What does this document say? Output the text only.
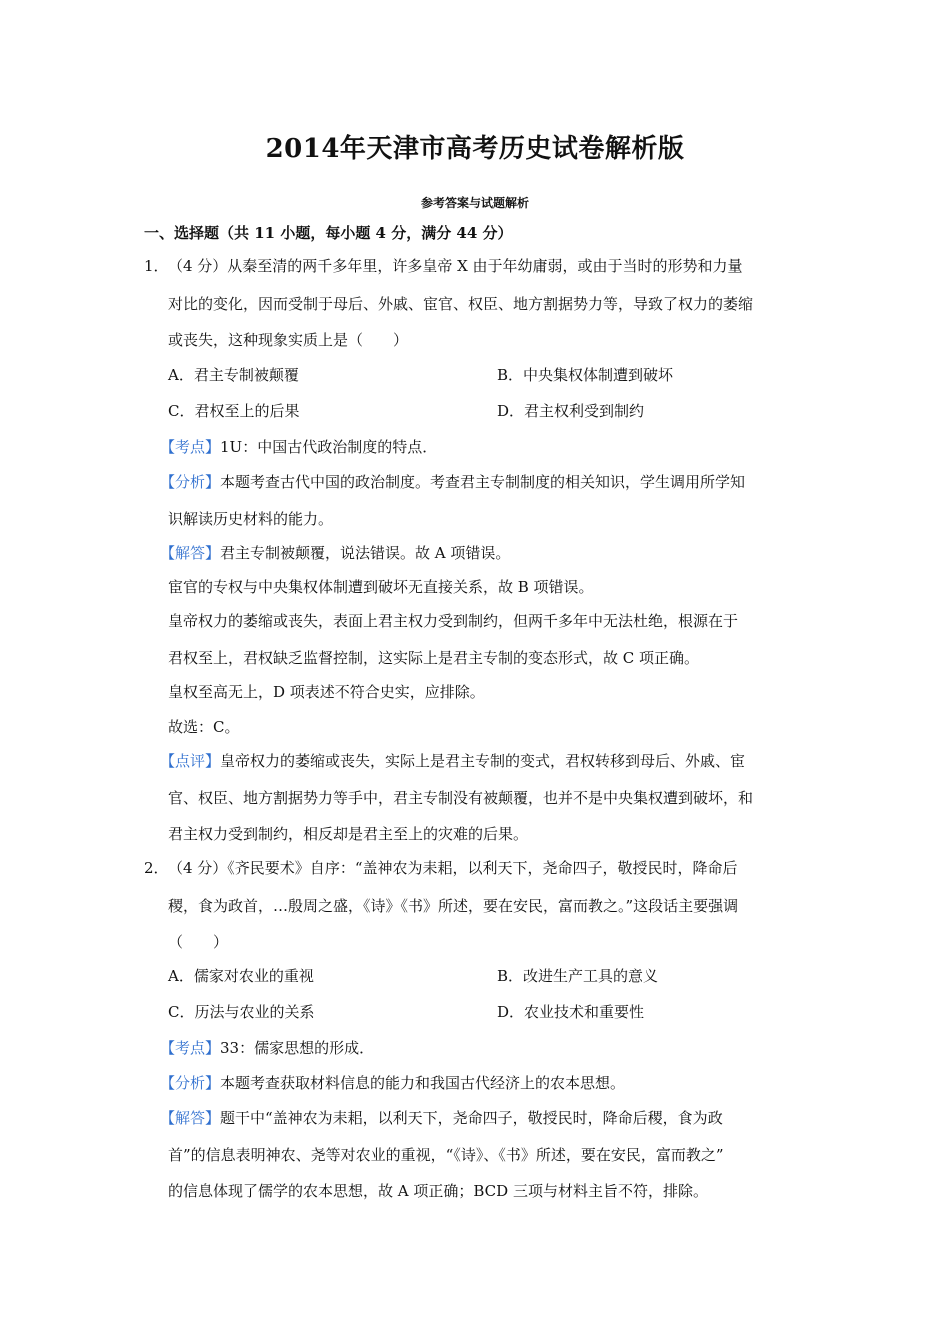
2014年天津市高考历史试卷解析版
参考答案与试题解析
一、选择题（共 11 小题，每小题 4 分，满分 44 分）
1． （4 分）从秦至清的两千多年里，许多皇帝 X 由于年幼庸弱，或由于当时的形势和力量
对比的变化，因而受制于母后、外戚、宦官、权臣、地方割据势力等，导致了权力的萎缩
或丧失，这种现象实质上是（　　）
A．君主专制被颠覆	B．中央集权体制遭到破坏
C．君权至上的后果	D．君主权利受到制约
【考点】1U：中国古代政治制度的特点．
【分析】本题考查古代中国的政治制度。考查君主专制制度的相关知识，学生调用所学知
识解读历史材料的能力。
【解答】君主专制被颠覆，说法错误。故 A 项错误。
宦官的专权与中央集权体制遭到破坏无直接关系，故 B 项错误。
皇帝权力的萎缩或丧失，表面上君主权力受到制约，但两千多年中无法杜绝，根源在于
君权至上，君权缺乏监督控制，这实际上是君主专制的变态形式，故 C 项正确。
皇权至高无上，D 项表述不符合史实，应排除。
故选：C。
【点评】皇帝权力的萎缩或丧失，实际上是君主专制的变式，君权转移到母后、外戚、宦
官、权臣、地方割据势力等手中，君主专制没有被颠覆，也并不是中央集权遭到破坏，和
君主权力受到制约，相反却是君主至上的灾难的后果。
2． （4 分）《齐民要术》自序：“盖神农为耒耜，以利天下，尧命四子，敬授民时，降命后
稷，食为政首，…殷周之盛，《诗》《书》所述，要在安民，富而教之。”这段话主要强调
（　　）
A．儒家对农业的重视	B．改进生产工具的意义
C．历法与农业的关系	D．农业技术和重要性
【考点】33：儒家思想的形成．
【分析】本题考查获取材料信息的能力和我国古代经济上的农本思想。
【解答】题干中“盖神农为耒耜，以利天下，尧命四子，敬授民时，降命后稷，食为政
首”的信息表明神农、尧等对农业的重视，“《诗》、《书》所述，要在安民，富而教之”
的信息体现了儒学的农本思想，故 A 项正确；BCD 三项与材料主旨不符，排除。
